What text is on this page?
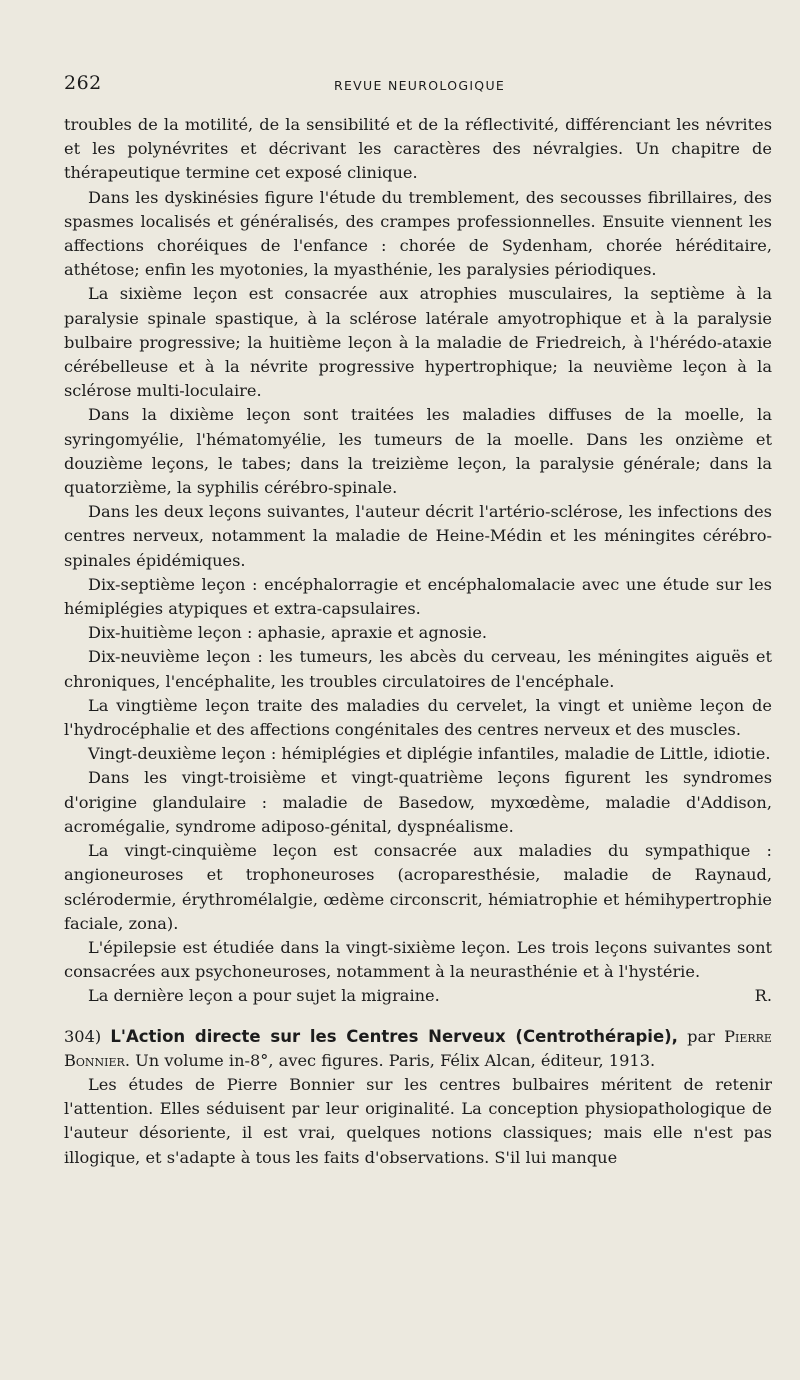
262	REVUE NEUROLOGIQUE

troubles de la motilité, de la sensibilité et de la réflectivité, différenciant les névrites et les polynévrites et décrivant les caractères des névralgies. Un chapitre de thérapeutique termine cet exposé clinique.

Dans les dyskinésies figure l'étude du tremblement, des secousses fibrillaires, des spasmes localisés et généralisés, des crampes professionnelles. Ensuite viennent les affections choréiques de l'enfance : chorée de Sydenham, chorée héréditaire, athétose; enfin les myotonies, la myasthénie, les paralysies périodiques.

La sixième leçon est consacrée aux atrophies musculaires, la septième à la paralysie spinale spastique, à la sclérose latérale amyotrophique et à la paralysie bulbaire progressive; la huitième leçon à la maladie de Friedreich, à l'hérédo-ataxie cérébelleuse et à la névrite progressive hypertrophique; la neuvième leçon à la sclérose multi-loculaire.

Dans la dixième leçon sont traitées les maladies diffuses de la moelle, la syringomyélie, l'hématomyélie, les tumeurs de la moelle. Dans les onzième et douzième leçons, le tabes; dans la treizième leçon, la paralysie générale; dans la quatorzième, la syphilis cérébro-spinale.

Dans les deux leçons suivantes, l'auteur décrit l'artério-sclérose, les infections des centres nerveux, notamment la maladie de Heine-Médin et les méningites cérébro-spinales épidémiques.

Dix-septième leçon : encéphalorragie et encéphalomalacie avec une étude sur les hémiplégies atypiques et extra-capsulaires.

Dix-huitième leçon : aphasie, apraxie et agnosie.

Dix-neuvième leçon : les tumeurs, les abcès du cerveau, les méningites aiguës et chroniques, l'encéphalite, les troubles circulatoires de l'encéphale.

La vingtième leçon traite des maladies du cervelet, la vingt et unième leçon de l'hydrocéphalie et des affections congénitales des centres nerveux et des muscles.

Vingt-deuxième leçon : hémiplégies et diplégie infantiles, maladie de Little, idiotie.

Dans les vingt-troisième et vingt-quatrième leçons figurent les syndromes d'origine glandulaire : maladie de Basedow, myxœdème, maladie d'Addison, acromégalie, syndrome adiposo-génital, dyspnéalisme.

La vingt-cinquième leçon est consacrée aux maladies du sympathique : angioneuroses et trophoneuroses (acroparesthésie, maladie de Raynaud, sclérodermie, érythromélalgie, œdème circonscrit, hémiatrophie et hémihypertrophie faciale, zona).

L'épilepsie est étudiée dans la vingt-sixième leçon. Les trois leçons suivantes sont consacrées aux psychoneuroses, notamment à la neurasthénie et à l'hystérie.

La dernière leçon a pour sujet la migraine.	R.

304) L'Action directe sur les Centres Nerveux (Centrothérapie), par Pierre Bonnier. Un volume in-8°, avec figures. Paris, Félix Alcan, éditeur, 1913.

Les études de Pierre Bonnier sur les centres bulbaires méritent de retenir l'attention. Elles séduisent par leur originalité. La conception physiopathologique de l'auteur désoriente, il est vrai, quelques notions classiques; mais elle n'est pas illogique, et s'adapte à tous les faits d'observations. S'il lui manque
